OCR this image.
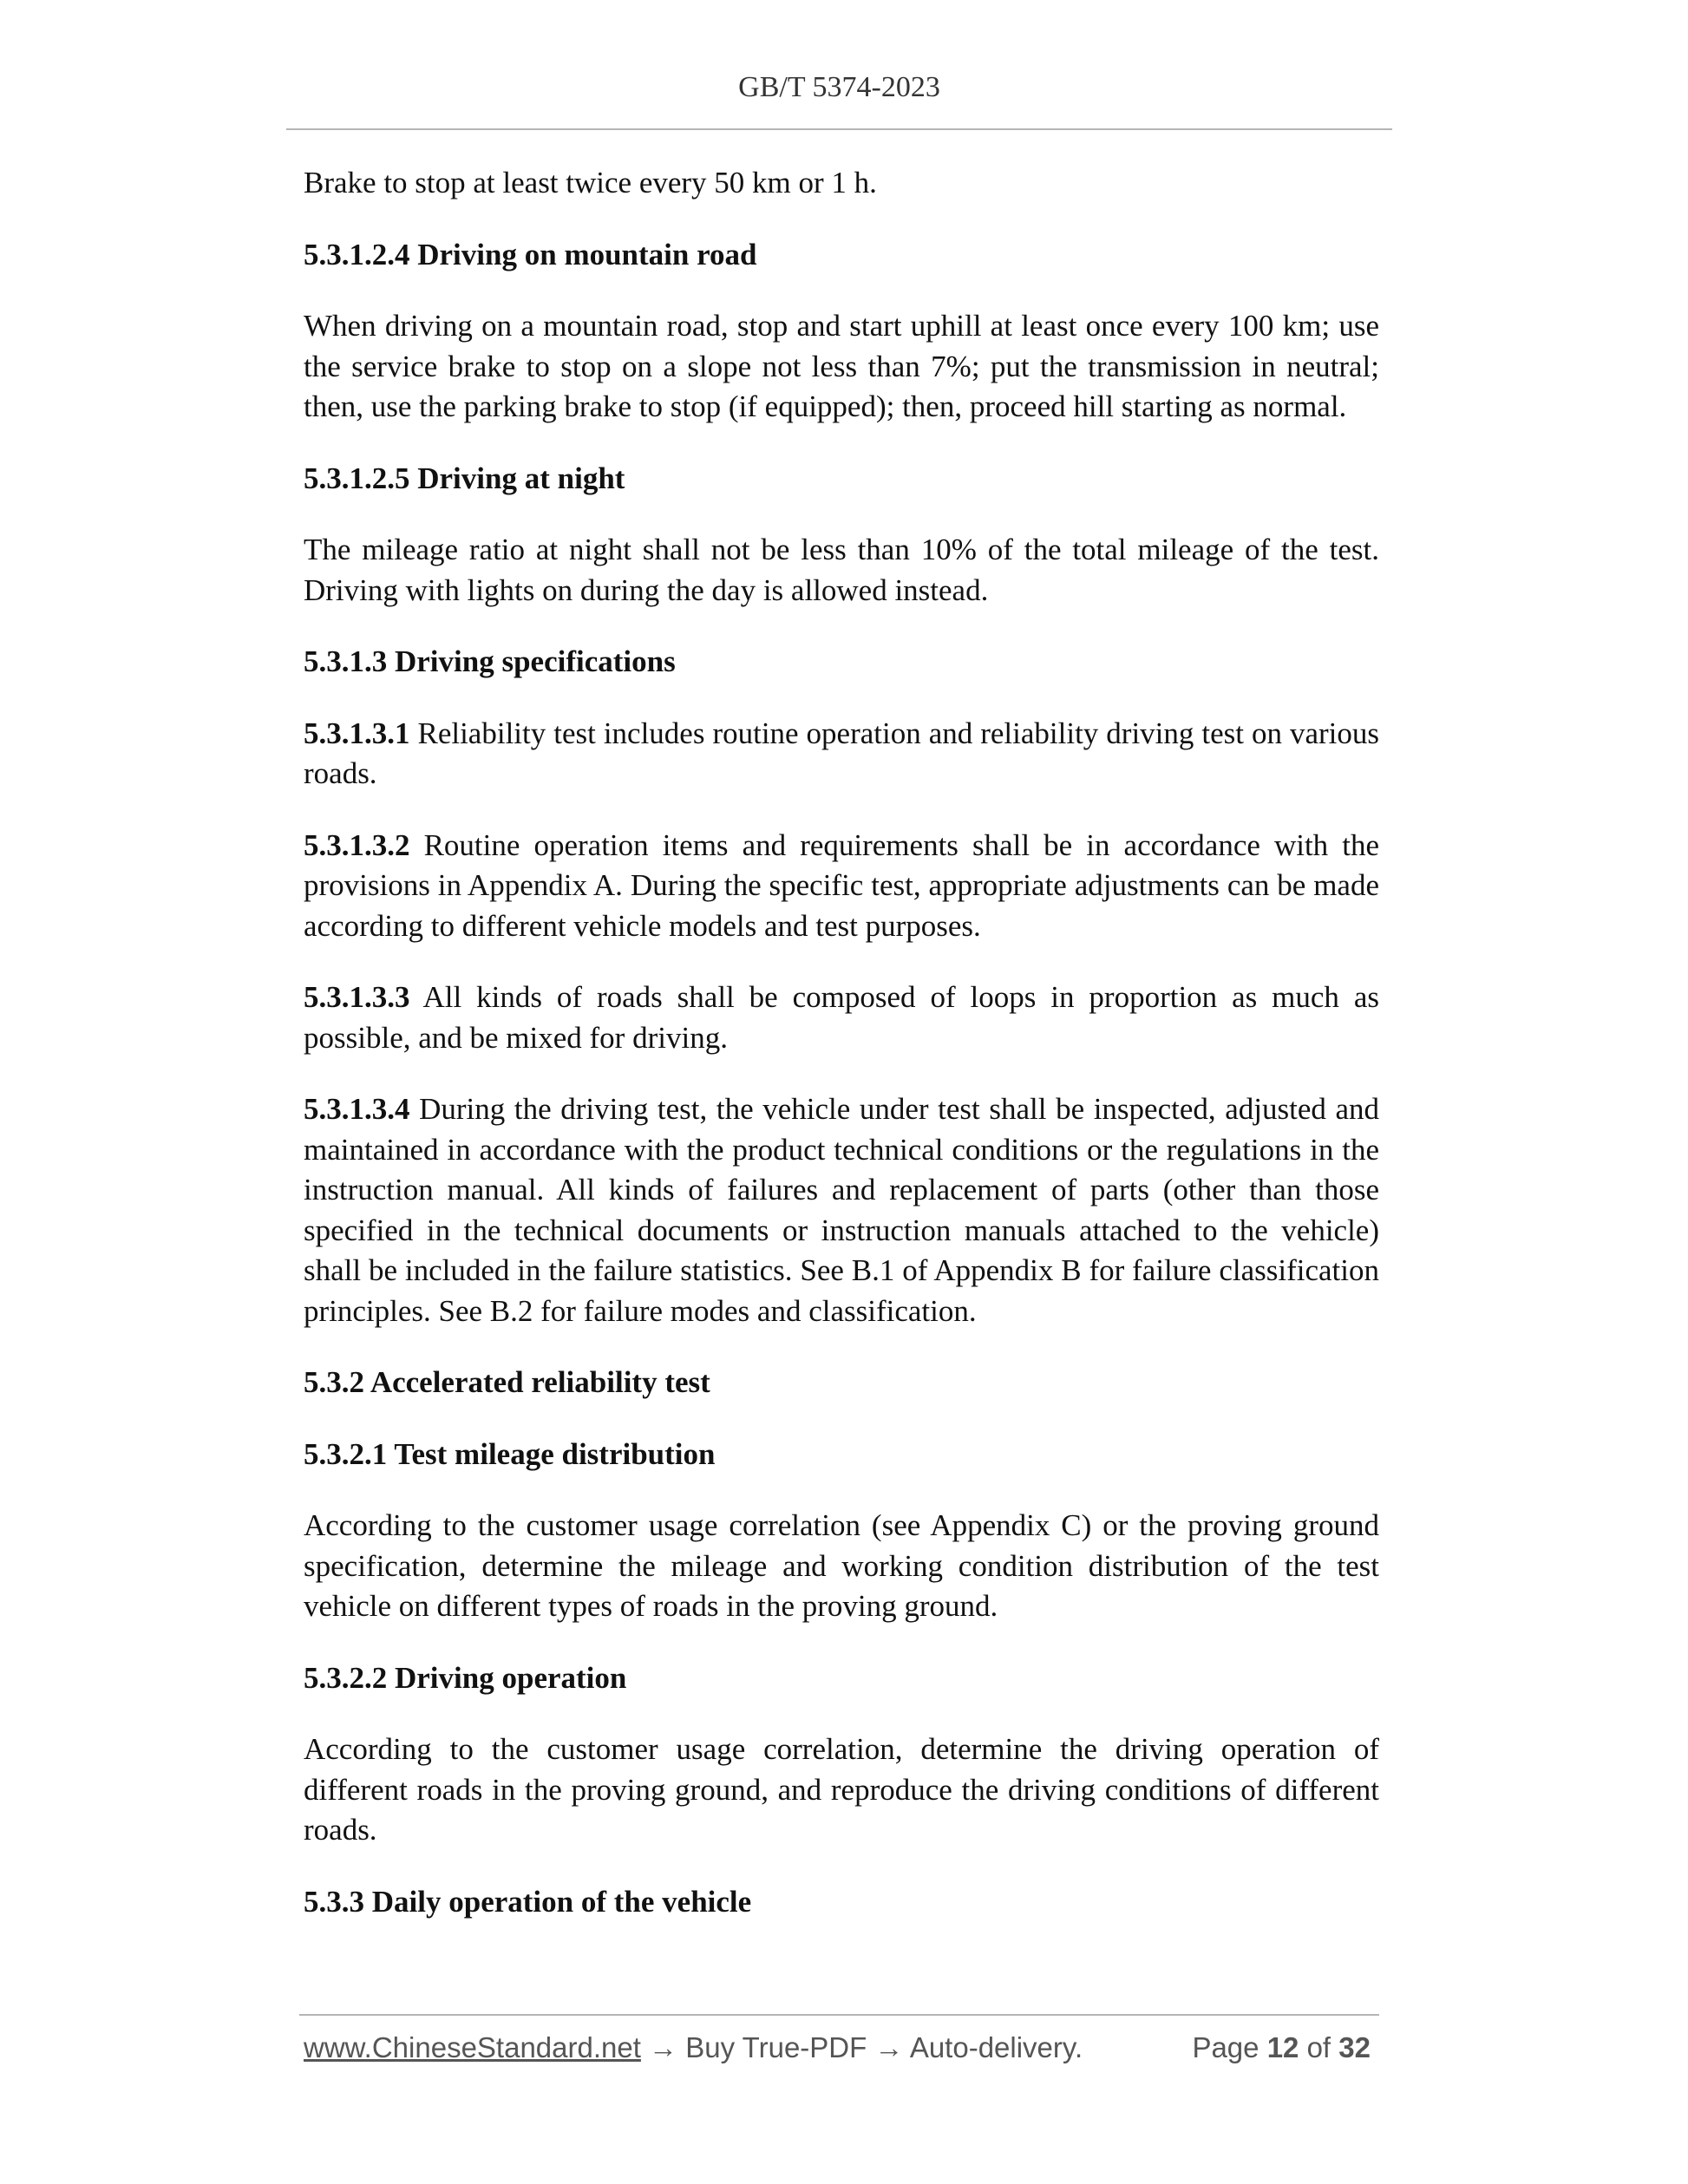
GB/T 5374-2023

Brake to stop at least twice every 50 km or 1 h.

5.3.1.2.4 Driving on mountain road

When driving on a mountain road, stop and start uphill at least once every 100 km; use the service brake to stop on a slope not less than 7%; put the transmission in neutral; then, use the parking brake to stop (if equipped); then, proceed hill starting as normal.

5.3.1.2.5 Driving at night

The mileage ratio at night shall not be less than 10% of the total mileage of the test. Driving with lights on during the day is allowed instead.

5.3.1.3 Driving specifications

5.3.1.3.1 Reliability test includes routine operation and reliability driving test on various roads.

5.3.1.3.2 Routine operation items and requirements shall be in accordance with the provisions in Appendix A. During the specific test, appropriate adjustments can be made according to different vehicle models and test purposes.

5.3.1.3.3 All kinds of roads shall be composed of loops in proportion as much as possible, and be mixed for driving.

5.3.1.3.4 During the driving test, the vehicle under test shall be inspected, adjusted and maintained in accordance with the product technical conditions or the regulations in the instruction manual. All kinds of failures and replacement of parts (other than those specified in the technical documents or instruction manuals attached to the vehicle) shall be included in the failure statistics. See B.1 of Appendix B for failure classification principles. See B.2 for failure modes and classification.

5.3.2 Accelerated reliability test

5.3.2.1 Test mileage distribution

According to the customer usage correlation (see Appendix C) or the proving ground specification, determine the mileage and working condition distribution of the test vehicle on different types of roads in the proving ground.

5.3.2.2 Driving operation

According to the customer usage correlation, determine the driving operation of different roads in the proving ground, and reproduce the driving conditions of different roads.

5.3.3 Daily operation of the vehicle

www.ChineseStandard.net → Buy True-PDF → Auto-delivery.	Page 12 of 32
